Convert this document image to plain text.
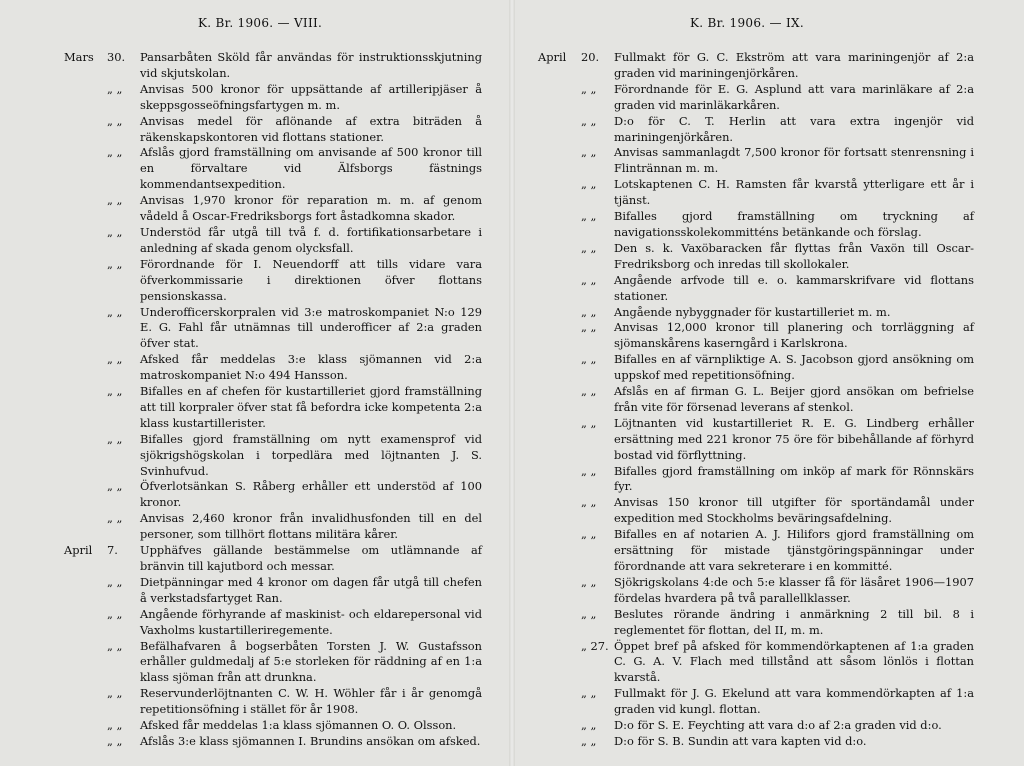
K. Br. 1906. — VIII.
Mars	30.	Pansarbåten Sköld får användas för instruktionsskjutning vid skjutskolan.
„ „	Anvisas 500 kronor för uppsättande af artilleripjäser å skeppsgosseöfningsfartygen m. m.
„ „	Anvisas medel för aflönande af extra biträden å räkenskapskontoren vid flottans stationer.
„ „	Afslås gjord framställning om anvisande af 500 kronor till en förvaltare vid Älfsborgs fästnings kommendantsexpedition.
„ „	Anvisas 1,970 kronor för reparation m. m. af genom vådeld å Oscar-Fredriksborgs fort åstadkomna skador.
„ „	Understöd får utgå till två f. d. fortifikationsarbetare i anledning af skada genom olycksfall.
„ „	Förordnande för I. Neuendorff att tills vidare vara öfverkommissarie i direktionen öfver flottans pensionskassa.
„ „	Underofficerskorpralen vid 3:e matroskompaniet N:o 129 E. G. Fahl får utnämnas till underofficer af 2:a graden öfver stat.
„ „	Afsked får meddelas 3:e klass sjömannen vid 2:a matroskompaniet N:o 494 Hansson.
„ „	Bifalles en af chefen för kustartilleriet gjord framställning att till korpraler öfver stat få befordra icke kompetenta 2:a klass kustartillerister.
„ „	Bifalles gjord framställning om nytt examensprof vid sjökrigshögskolan i torpedlära med löjtnanten J. S. Svinhufvud.
„ „	Öfverlotsänkan S. Råberg erhåller ett understöd af 100 kronor.
„ „	Anvisas 2,460 kronor från invalidhusfonden till en del personer, som tillhört flottans militära kårer.
April	7.	Upphäfves gällande bestämmelse om utlämnande af bränvin till kajutbord och messar.
„ „	Dietpänningar med 4 kronor om dagen får utgå till chefen å verkstadsfartyget Ran.
„ „	Angående förhyrande af maskinist- och eldarepersonal vid Vaxholms kustartilleriregemente.
„ „	Befälhafvaren å bogserbåten Torsten J. W. Gustafsson erhåller guldmedalj af 5:e storleken för räddning af en 1:a klass sjöman från att drunkna.
„ „	Reservunderlöjtnanten C. W. H. Wöhler får i år genomgå repetitionsöfning i stället för år 1908.
„ „	Afsked får meddelas 1:a klass sjömannen O. O. Olsson.
„ „	Afslås 3:e klass sjömannen I. Brundins ansökan om afsked.
K. Br. 1906. — IX.
April	20.	Fullmakt för G. C. Ekström att vara mariningenjör af 2:a graden vid mariningenjörkåren.
„ „	Förordnande för E. G. Asplund att vara marinläkare af 2:a graden vid marinläkarkåren.
„ „	D:o för C. T. Herlin att vara extra ingenjör vid mariningenjörkåren.
„ „	Anvisas sammanlagdt 7,500 kronor för fortsatt stenrensning i Flintrännan m. m.
„ „	Lotskaptenen C. H. Ramsten får kvarstå ytterligare ett år i tjänst.
„ „	Bifalles gjord framställning om tryckning af navigationsskolekommitténs betänkande och förslag.
„ „	Den s. k. Vaxöbaracken får flyttas från Vaxön till Oscar-Fredriksborg och inredas till skollokaler.
„ „	Angående arfvode till e. o. kammarskrifvare vid flottans stationer.
„ „	Angående nybyggnader för kustartilleriet m. m.
„ „	Anvisas 12,000 kronor till planering och torrläggning af sjömanskårens kaserngård i Karlskrona.
„ „	Bifalles en af värnpliktige A. S. Jacobson gjord ansökning om uppskof med repetitionsöfning.
„ „	Afslås en af firman G. L. Beijer gjord ansökan om befrielse från vite för försenad leverans af stenkol.
„ „	Löjtnanten vid kustartilleriet R. E. G. Lindberg erhåller ersättning med 221 kronor 75 öre för bibehållande af förhyrd bostad vid förflyttning.
„ „	Bifalles gjord framställning om inköp af mark för Rönnskärs fyr.
„ „	Anvisas 150 kronor till utgifter för sportändamål under expedition med Stockholms beväringsafdelning.
„ „	Bifalles en af notarien A. J. Hilifors gjord framställning om ersättning för mistade tjänstgöringspänningar under förordnande att vara sekreterare i en kommitté.
„ „	Sjökrigskolans 4:de och 5:e klasser få för läsåret 1906—1907 fördelas hvardera på två parallellklasser.
„ „	Beslutes rörande ändring i anmärkning 2 till bil. 8 i reglementet för flottan, del II, m. m.
„ 27. Öppet bref på afsked för kommendörkaptenen af 1:a graden C. G. A. V. Flach med tillstånd att såsom lönlös i flottan kvarstå.
„ „	Fullmakt för J. G. Ekelund att vara kommendörkapten af 1:a graden vid kungl. flottan.
„ „	D:o för S. E. Feychting att vara d:o af 2:a graden vid d:o.
„ „	D:o för S. B. Sundin att vara kapten vid d:o.
